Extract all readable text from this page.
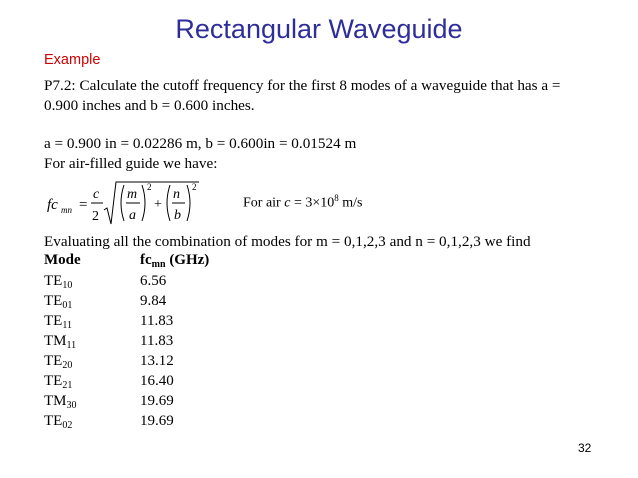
Rectangular Waveguide
Example
P7.2: Calculate the cutoff frequency for the first 8 modes of a waveguide that has a =
0.900 inches and b = 0.600 inches.
a = 0.900 in = 0.02286 m, b = 0.600in = 0.01524 m
For air-filled guide we have:
fc mn =
c
2
m
a
2
+
n
b
2
For air $c = 3\times 10^8$ m/s
Evaluating all the combination of modes for m = 0,1,2,3 and n = 0,1,2,3 we find
Mode	$fc_{mn}$ (GHz)
$TE_{10}$	6.56
$TE_{01}$	9.84
$TE_{11}$	11.83
$TM_{11}$	11.83
$TE_{20}$	13.12
$TE_{21}$	16.40
$TM_{30}$	19.69
$TE_{02}$	19.69
32
